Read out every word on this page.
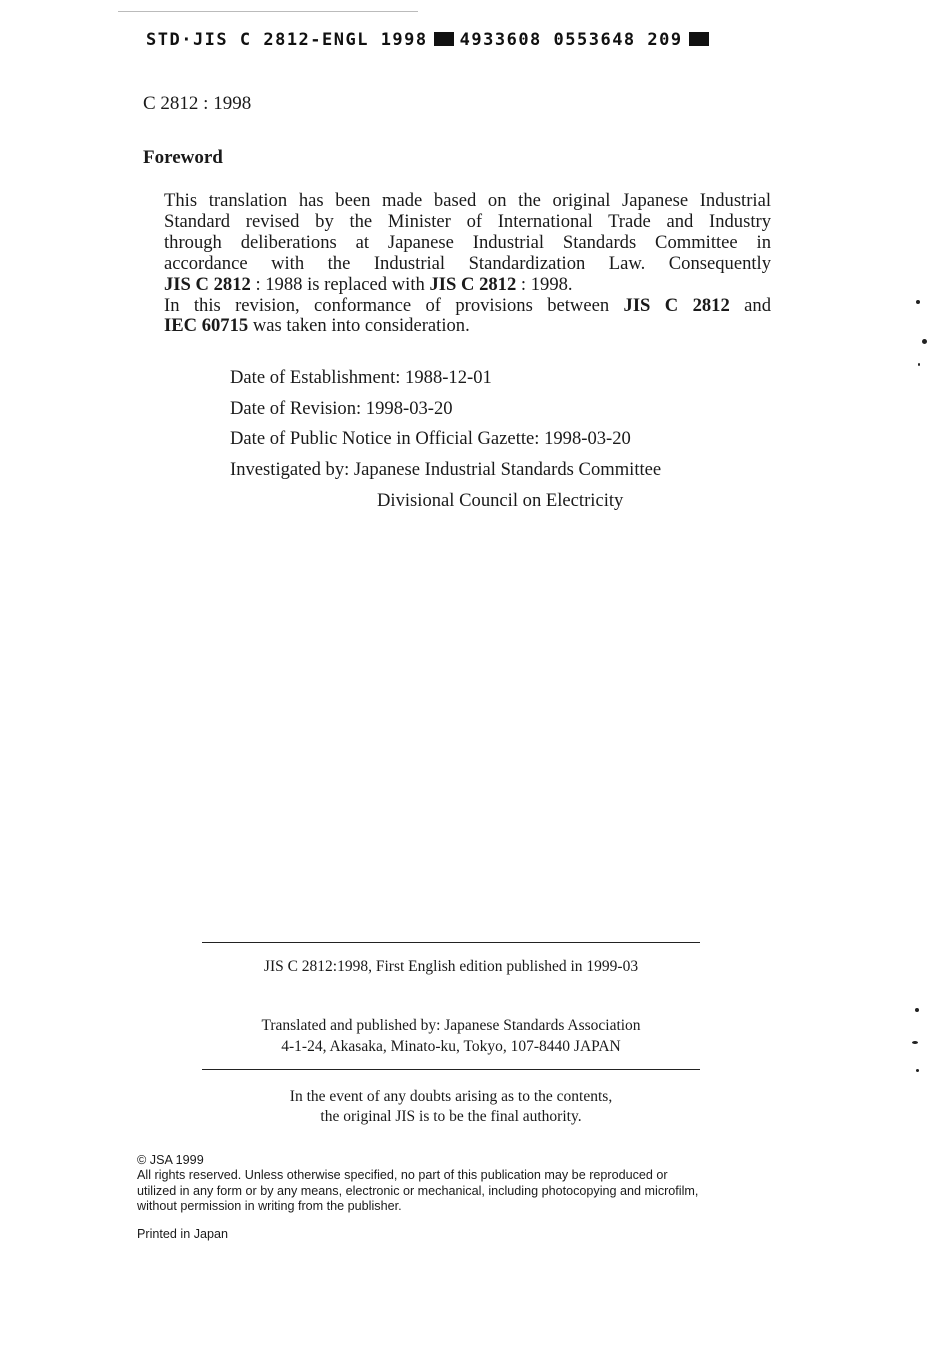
STD·JIS C 2812-ENGL 1998 4933608 0553648 209
C 2812 : 1998
Foreword
This translation has been made based on the original Japanese Industrial
Standard revised by the Minister of International Trade and Industry
through deliberations at Japanese Industrial Standards Committee in
accordance with the Industrial Standardization Law. Consequently
JIS C 2812 : 1988 is replaced with JIS C 2812 : 1998.
In this revision, conformance of provisions between JIS C 2812 and
IEC 60715 was taken into consideration.
Date of Establishment: 1988-12-01
Date of Revision: 1998-03-20
Date of Public Notice in Official Gazette: 1998-03-20
Investigated by: Japanese Industrial Standards Committee
Divisional Council on Electricity
JIS C 2812:1998, First English edition published in 1999-03
Translated and published by: Japanese Standards Association
4-1-24, Akasaka, Minato-ku, Tokyo, 107-8440 JAPAN
In the event of any doubts arising as to the contents,
the original JIS is to be the final authority.

© JSA 1999

All rights reserved. Unless otherwise specified, no part of this publication may be reproduced or

utilized in any form or by any means, electronic or mechanical, including photocopying and microfilm,

without permission in writing from the publisher.

Printed in Japan
